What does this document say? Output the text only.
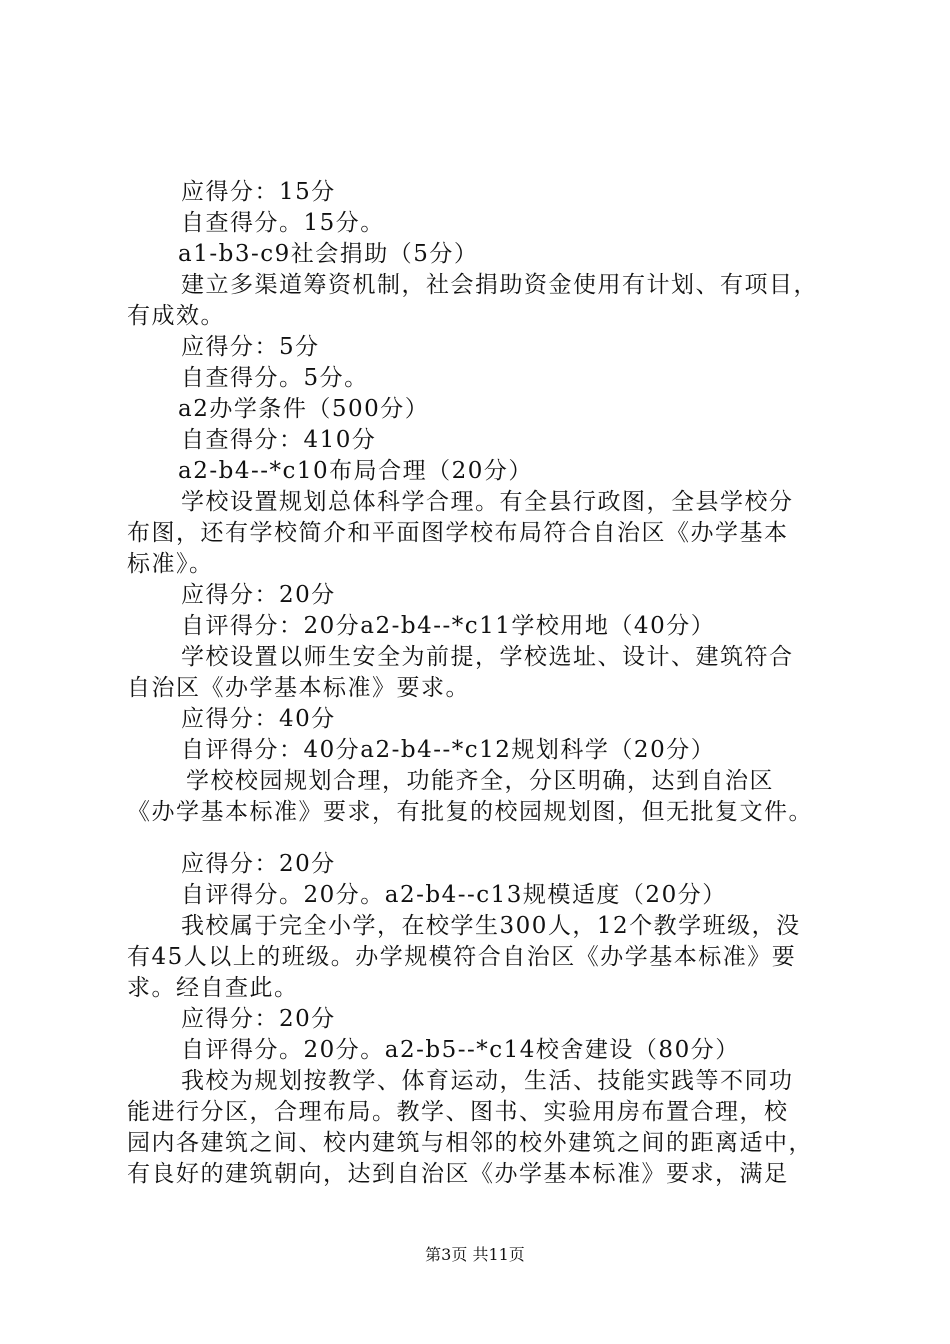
应得分：15分
自查得分。15分。
a1-b3-c9社会捐助（5分）
建立多渠道筹资机制，社会捐助资金使用有计划、有项目，
有成效。
应得分：5分
自查得分。5分。
a2办学条件（500分）
自查得分：410分
a2-b4--*c10布局合理（20分）
学校设置规划总体科学合理。有全县行政图，全县学校分
布图，还有学校简介和平面图学校布局符合自治区《办学基本
标准》。
应得分：20分
自评得分：20分a2-b4--*c11学校用地（40分）
学校设置以师生安全为前提，学校选址、设计、建筑符合
自治区《办学基本标准》要求。
应得分：40分
自评得分：40分a2-b4--*c12规划科学（20分）
学校校园规划合理，功能齐全，分区明确，达到自治区
《办学基本标准》要求，有批复的校园规划图，但无批复文件。
应得分：20分
自评得分。20分。a2-b4--c13规模适度（20分）
我校属于完全小学，在校学生300人，12个教学班级，没
有45人以上的班级。办学规模符合自治区《办学基本标准》要
求。经自查此。
应得分：20分
自评得分。20分。a2-b5--*c14校舍建设（80分）
我校为规划按教学、体育运动，生活、技能实践等不同功
能进行分区，合理布局。教学、图书、实验用房布置合理，校
园内各建筑之间、校内建筑与相邻的校外建筑之间的距离适中，
有良好的建筑朝向，达到自治区《办学基本标准》要求，满足
第3页 共11页
